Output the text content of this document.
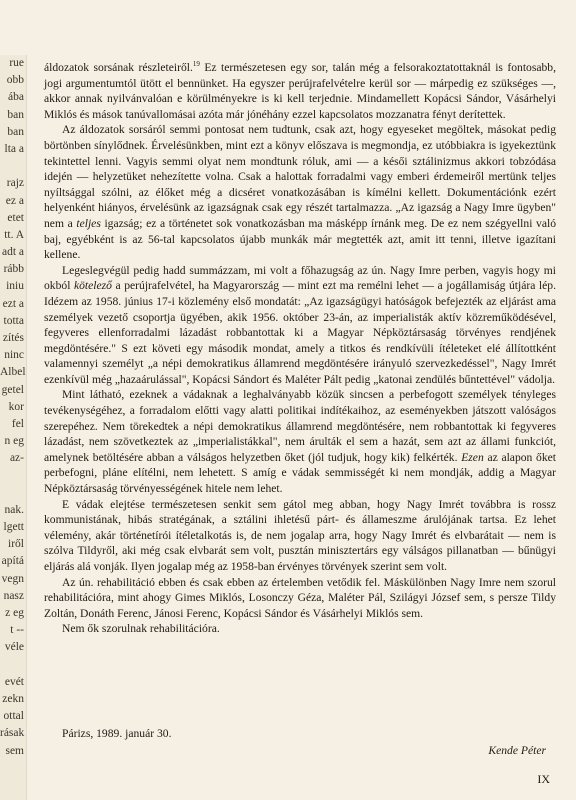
rue
obb
ába
ban
ban
lta a
rajz
ez a
etet
tt. A
adt a
rább
iniu
ezt a
totta
zítés
ninc
Albel
getel
kor
fel
n eg
az-
nak.
lgett
iről
apítá
vegn
nasz
z eg
t --
véle
evét
zekn
ottal
rásak
sem

áldozatok sorsának részleteiről.$^{19}$ Ez természetesen egy sor, talán még a felsorakoztatottaknál is fontosabb, jogi argumentumtól ütött el bennünket. Ha egyszer perújrafelvételre kerül sor — márpedig ez szükséges —, akkor annak nyilvánvalóan e körülményekre is ki kell terjednie. Mindamellett Kopácsi Sándor, Vásárhelyi Miklós és mások tanúvallomásai azóta már jónéhány ezzel kapcsolatos mozzanatra fényt derítettek.

Az áldozatok sorsáról semmi pontosat nem tudtunk, csak azt, hogy egyeseket megöltek, másokat pedig börtönben sínylődnek. Érvelésünkben, mint ezt a könyv előszava is megmondja, ez utóbbiakra is igyekeztünk tekintettel lenni. Vagyis semmi olyat nem mondtunk róluk, ami — a késői sztálinizmus akkori tobzódása idején — helyzetüket nehezítette volna. Csak a halottak forradalmi vagy emberi érdemeiről mertünk teljes nyíltsággal szólni, az élőket még a dicséret vonatkozásában is kímélni kellett. Dokumentációnk ezért helyenként hiányos, érvelésünk az igazságnak csak egy részét tartalmazza. „Az igazság a Nagy Imre ügyben" nem a teljes igazság; ez a történetet sok vonatkozásban ma másképp írnánk meg. De ez nem szégyellni való baj, egyébként is az 56-tal kapcsolatos újabb munkák már megtették azt, amit itt tenni, illetve igazítani kellene.

Legeslegvégül pedig hadd summázzam, mi volt a főhazugság az ún. Nagy Imre perben, vagyis hogy mi okból kötelező a perújrafelvétel, ha Magyarország — mint ezt ma remélni lehet — a jogállamiság útjára lép. Idézem az 1958. június 17-i közlemény első mondatát: „Az igazságügyi hatóságok befejezték az eljárást ama személyek vezető csoportja ügyében, akik 1956. október 23-án, az imperialisták aktív közreműködésével, fegyveres ellenforradalmi lázadást robbantottak ki a Magyar Népköztársaság törvényes rendjének megdöntésére." S ezt követi egy második mondat, amely a titkos és rendkívüli ítéleteket elé állítottként valamennyi személyt „a népi demokratikus államrend megdöntésére irányuló szervezkedéssel", Nagy Imrét ezenkívül még „hazaárulással", Kopácsi Sándort és Maléter Pált pedig „katonai zendülés bűntettével" vádolja.

Mint látható, ezeknek a vádaknak a leghalványabb közük sincsen a perbefogott személyek tényleges tevékenységéhez, a forradalom előtti vagy alatti politikai indítékaihoz, az eseményekben játszott valóságos szerepéhez. Nem törekedtek a népi demokratikus államrend megdöntésére, nem robbantottak ki fegyveres lázadást, nem szövetkeztek az „imperialistákkal", nem árulták el sem a hazát, sem azt az állami funkciót, amelynek betöltésére abban a válságos helyzetben őket (jól tudjuk, hogy kik) felkérték. Ezen az alapon őket perbefogni, pláne elítélni, nem lehetett. S amíg e vádak semmisségét ki nem mondják, addig a Magyar Népköztársaság törvényességének hitele nem lehet.

E vádak elejtése természetesen senkit sem gátol meg abban, hogy Nagy Imrét továbbra is rossz kommunistának, hibás stratégának, a sztálini ihletésű párt- és állameszme árulójának tartsa. Ez lehet vélemény, akár történetírói ítéletalkotás is, de nem jogalap arra, hogy Nagy Imrét és elvbarátait — nem is szólva Tildyről, aki még csak elvbarát sem volt, pusztán minisztertárs egy válságos pillanatban — bűnügyi eljárás alá vonják. Ilyen jogalap még az 1958-ban érvényes törvények szerint sem volt.

Az ún. rehabilitáció ebben és csak ebben az értelemben vetődik fel. Máskülönben Nagy Imre nem szorul rehabilitációra, mint ahogy Gimes Miklós, Losonczy Géza, Maléter Pál, Szilágyi József sem, s persze Tildy Zoltán, Donáth Ferenc, Jánosi Ferenc, Kopácsi Sándor és Vásárhelyi Miklós sem.

Nem ők szorulnak rehabilitációra.

Párizs, 1989. január 30.
Kende Péter
IX
